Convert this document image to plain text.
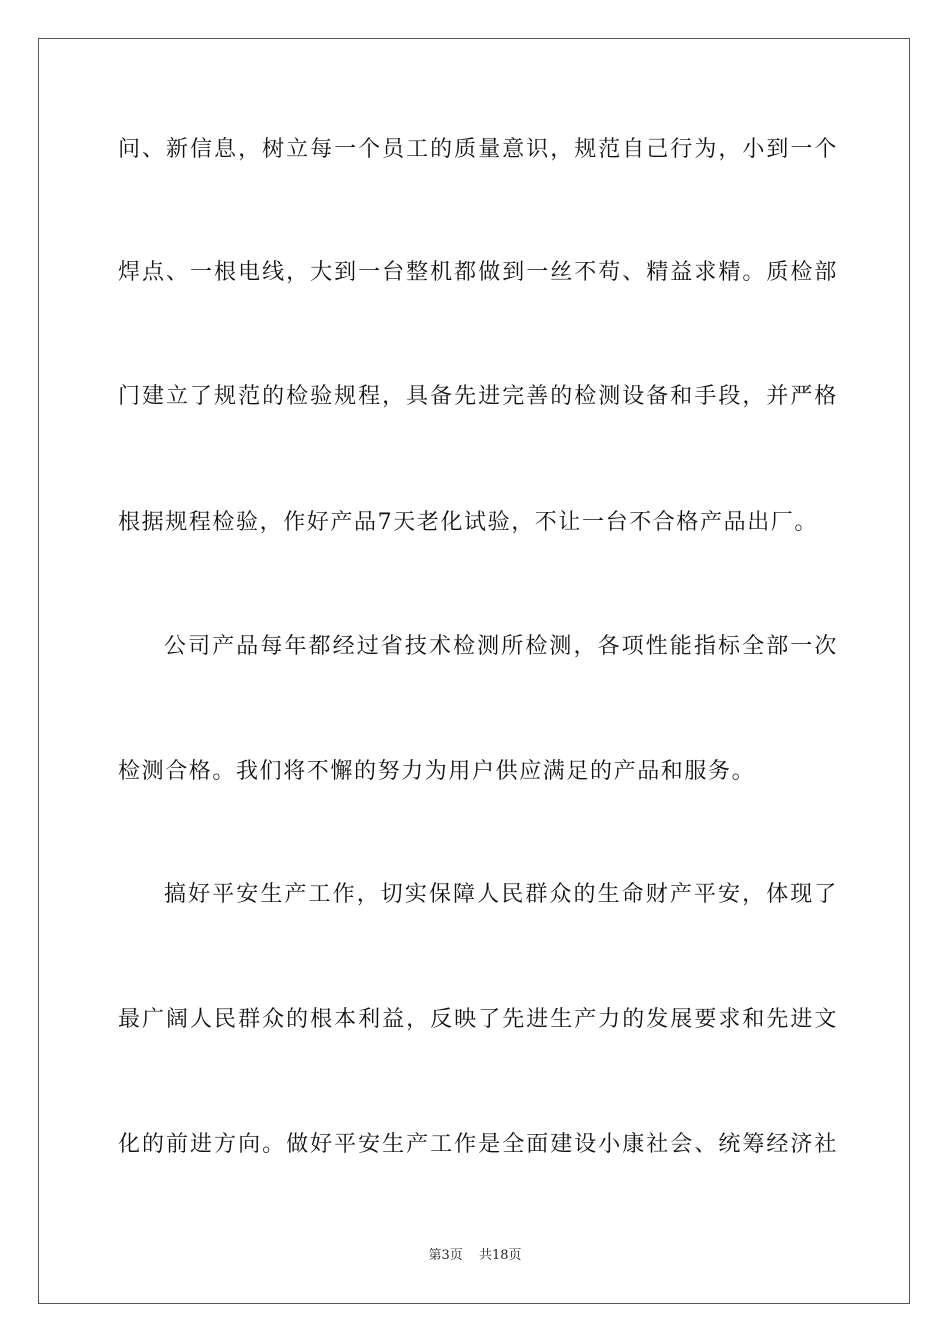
问、新信息，树立每一个员工的质量意识，规范自己行为，小到一个
焊点、一根电线，大到一台整机都做到一丝不苟、精益求精。质检部
门建立了规范的检验规程，具备先进完善的检测设备和手段，并严格
根据规程检验，作好产品7天老化试验，不让一台不合格产品出厂。
公司产品每年都经过省技术检测所检测，各项性能指标全部一次
检测合格。我们将不懈的努力为用户供应满足的产品和服务。
搞好平安生产工作，切实保障人民群众的生命财产平安，体现了
最广阔人民群众的根本利益，反映了先进生产力的发展要求和先进文
化的前进方向。做好平安生产工作是全面建设小康社会、统筹经济社
第3页 共18页
